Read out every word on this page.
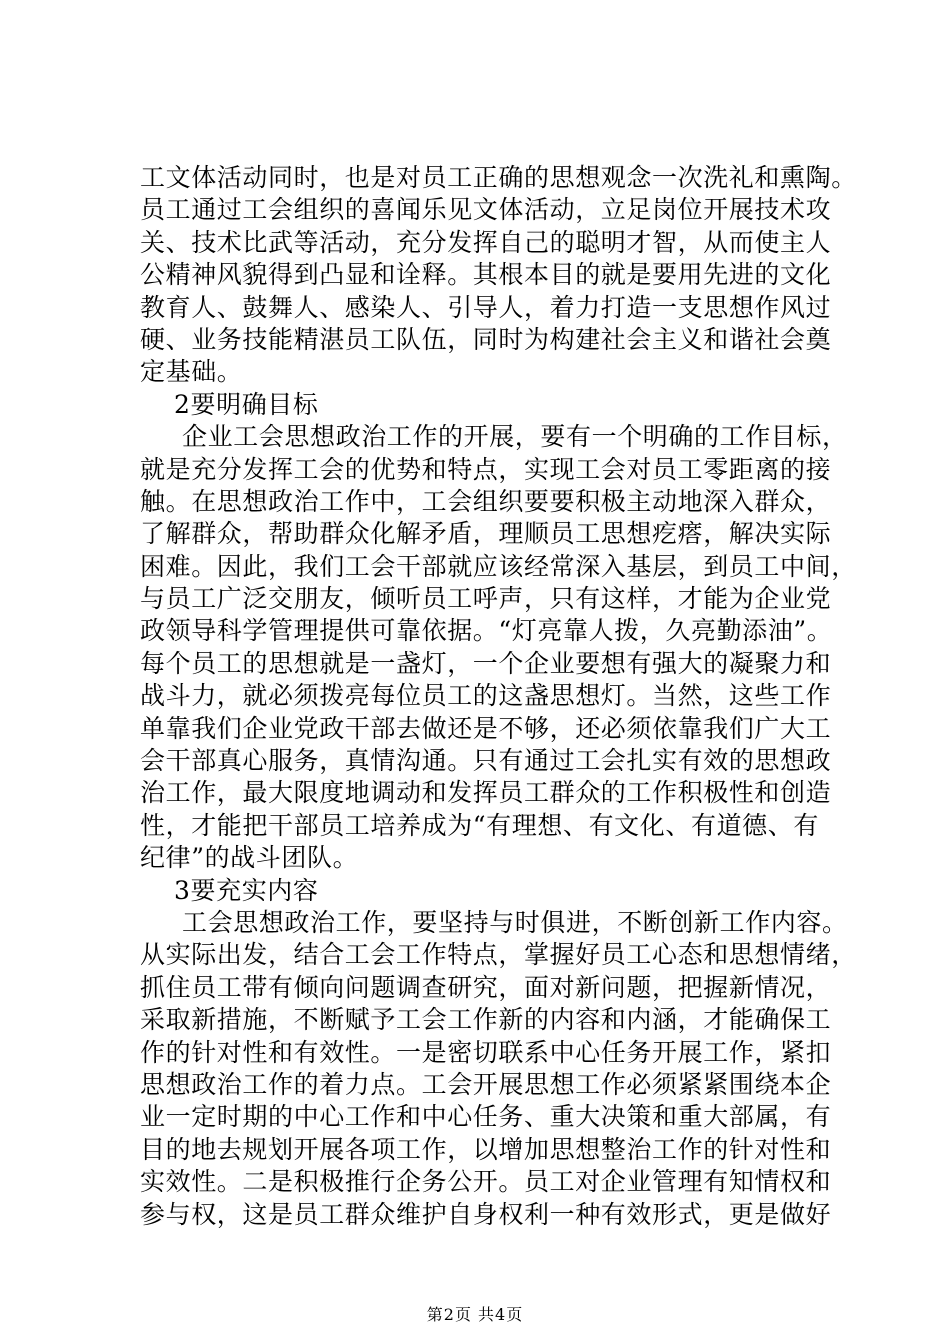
工文体活动同时，也是对员工正确的思想观念一次洗礼和熏陶。
员工通过工会组织的喜闻乐见文体活动，立足岗位开展技术攻
关、技术比武等活动，充分发挥自己的聪明才智，从而使主人
公精神风貌得到凸显和诠释。其根本目的就是要用先进的文化
教育人、鼓舞人、感染人、引导人，着力打造一支思想作风过
硬、业务技能精湛员工队伍，同时为构建社会主义和谐社会奠
定基础。
2要明确目标
企业工会思想政治工作的开展，要有一个明确的工作目标，
就是充分发挥工会的优势和特点，实现工会对员工零距离的接
触。在思想政治工作中，工会组织要要积极主动地深入群众，
了解群众，帮助群众化解矛盾，理顺员工思想疙瘩，解决实际
困难。因此，我们工会干部就应该经常深入基层，到员工中间，
与员工广泛交朋友，倾听员工呼声，只有这样，才能为企业党
政领导科学管理提供可靠依据。“灯亮靠人拨，久亮勤添油”。
每个员工的思想就是一盏灯，一个企业要想有强大的凝聚力和
战斗力，就必须拨亮每位员工的这盏思想灯。当然，这些工作
单靠我们企业党政干部去做还是不够，还必须依靠我们广大工
会干部真心服务，真情沟通。只有通过工会扎实有效的思想政
治工作，最大限度地调动和发挥员工群众的工作积极性和创造
性，才能把干部员工培养成为“有理想、有文化、有道德、有
纪律”的战斗团队。
3要充实内容
工会思想政治工作，要坚持与时俱进，不断创新工作内容。
从实际出发，结合工会工作特点，掌握好员工心态和思想情绪，
抓住员工带有倾向问题调查研究，面对新问题，把握新情况，
采取新措施，不断赋予工会工作新的内容和内涵，才能确保工
作的针对性和有效性。一是密切联系中心任务开展工作，紧扣
思想政治工作的着力点。工会开展思想工作必须紧紧围绕本企
业一定时期的中心工作和中心任务、重大决策和重大部属，有
目的地去规划开展各项工作，以增加思想整治工作的针对性和
实效性。二是积极推行企务公开。员工对企业管理有知情权和
参与权，这是员工群众维护自身权利一种有效形式，更是做好
第2页 共4页
